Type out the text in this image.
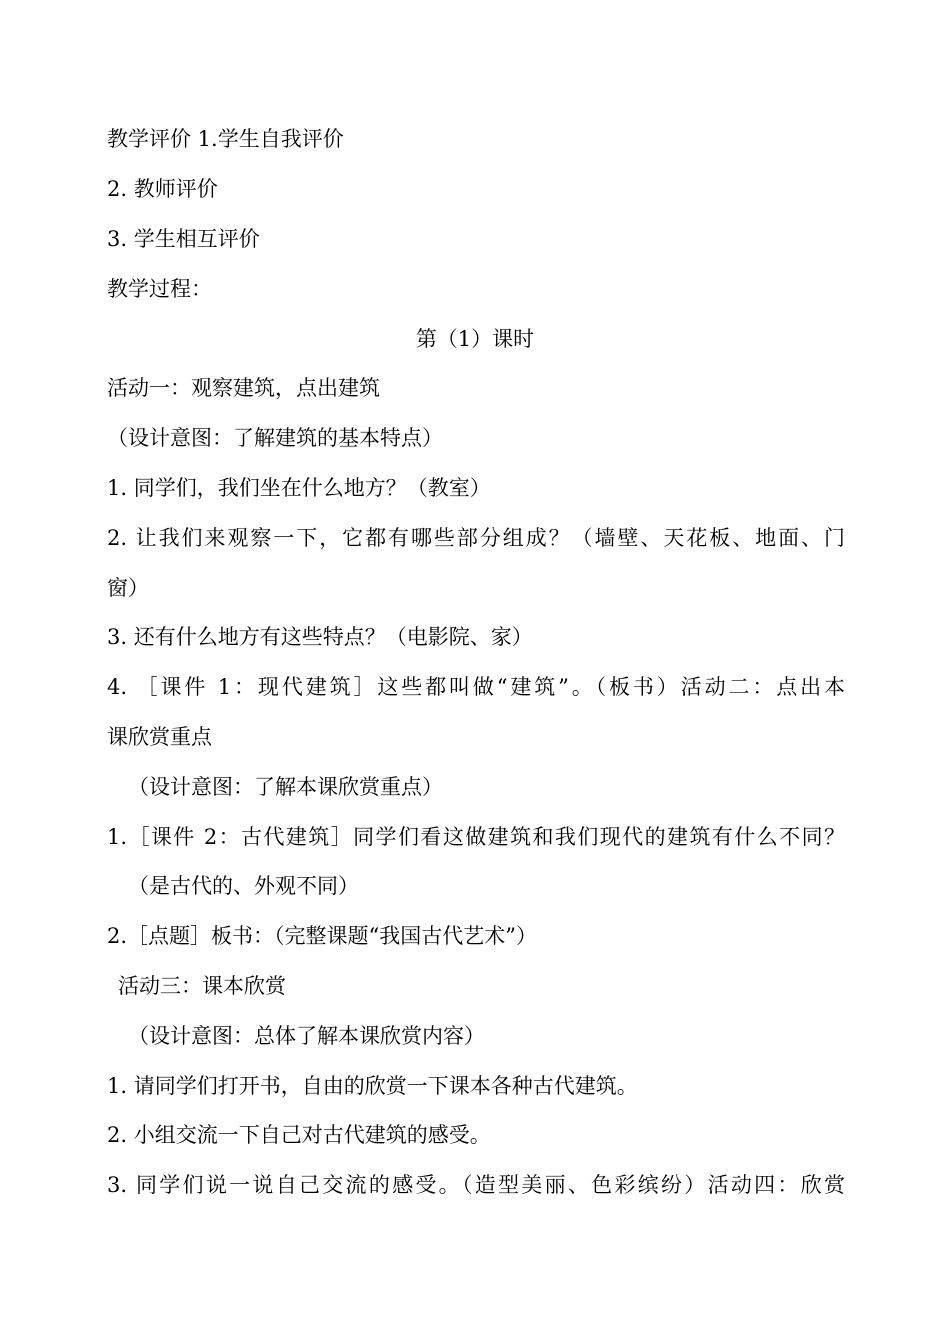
教学评价 1.学生自我评价
2. 教师评价
3. 学生相互评价
教学过程：
第（1）课时
活动一：观察建筑，点出建筑
（设计意图：了解建筑的基本特点）
1. 同学们，我们坐在什么地方？（教室）
2. 让我们来观察一下，它都有哪些部分组成？（墙壁、天花板、地面、门
窗）
3. 还有什么地方有这些特点？（电影院、家）
4. ［课件 1：现代建筑］这些都叫做“建筑”。（板书）活动二：点出本
课欣赏重点
（设计意图：了解本课欣赏重点）
1.［课件 2：古代建筑］同学们看这做建筑和我们现代的建筑有什么不同？
（是古代的、外观不同）
2.［点题］板书：（完整课题“我国古代艺术”）
活动三：课本欣赏
（设计意图：总体了解本课欣赏内容）
1. 请同学们打开书，自由的欣赏一下课本各种古代建筑。
2. 小组交流一下自己对古代建筑的感受。
3. 同学们说一说自己交流的感受。（造型美丽、色彩缤纷）活动四：欣赏
